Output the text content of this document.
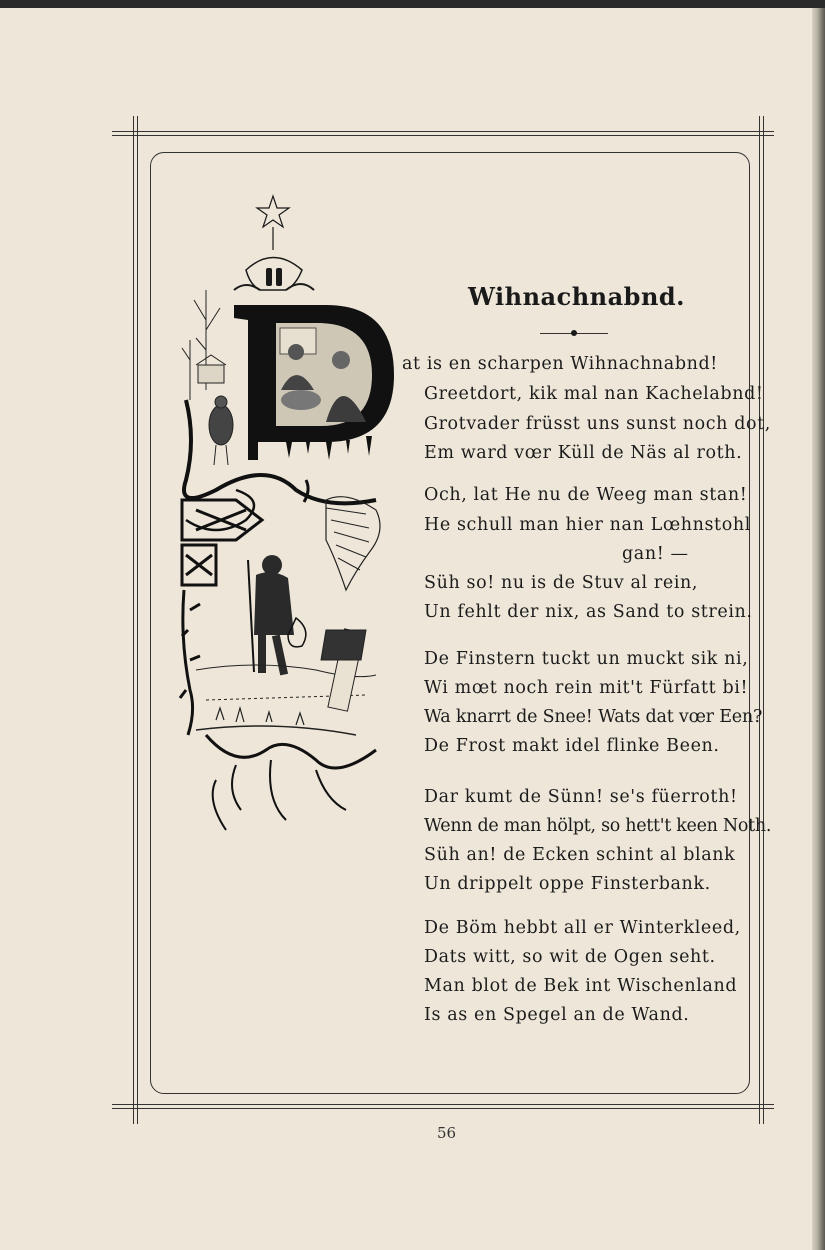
Wihnachnabnd.
at is en scharpen Wihnachnabnd!
Greetdort, kik mal nan Kachelabnd!
Grotvader früsst uns sunst noch dot,
Em ward vœr Küll de Näs al roth.
Och, lat He nu de Weeg man stan!
He schull man hier nan Lœhnstohl
gan! —
Süh so! nu is de Stuv al rein,
Un fehlt der nix, as Sand to strein.
De Finstern tuckt un muckt sik ni,
Wi mœt noch rein mit't Fürfatt bi!
Wa knarrt de Snee! Wats dat vœr Een?
De Frost makt idel flinke Been.
Dar kumt de Sünn! se's füerroth!
Wenn de man hölpt, so hett't keen Noth.
Süh an! de Ecken schint al blank
Un drippelt oppe Finsterbank.
De Böm hebbt all er Winterkleed,
Dats witt, so wit de Ogen seht.
Man blot de Bek int Wischenland
Is as en Spegel an de Wand.
56
